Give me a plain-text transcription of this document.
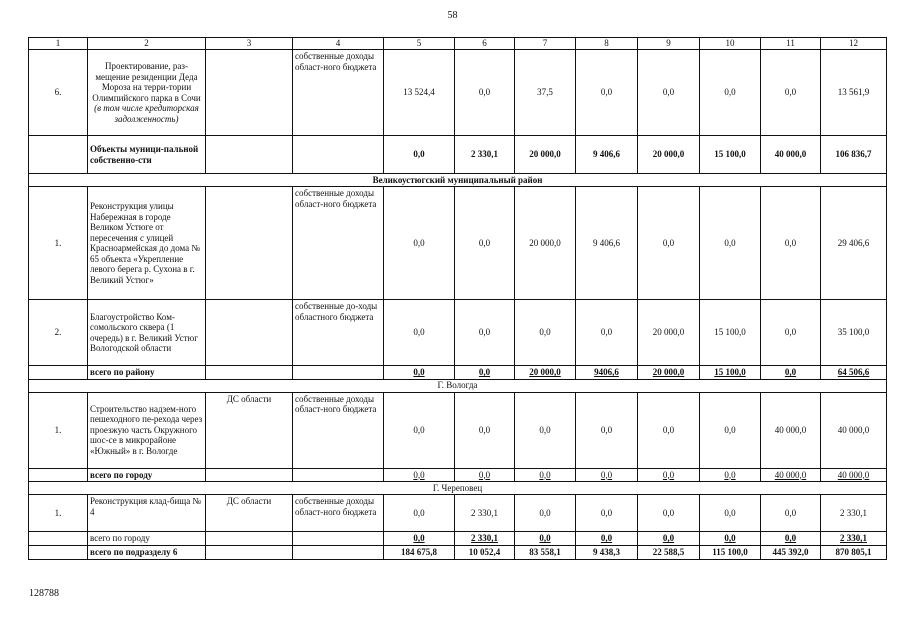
58
1	2	3	4	5	6	7	8	9	10	11	12
6.	Проектирование, раз-мещение резиденции Деда Мороза на терри-тории Олимпийского парка в Сочи (в том числе кредиторская задолженность)		собственные доходы област-ного бюджета	13 524,4	0,0	37,5	0,0	0,0	0,0	0,0	13 561,9
	Объекты муници-пальной собственно-сти			0,0	2 330,1	20 000,0	9 406,6	20 000,0	15 100,0	40 000,0	106 836,7
Великоустюгский муниципальный район											
1.	Реконструкция улицы Набережная в городе Великом Устюге от пересечения с улицей Красноармейская до дома № 65 объекта «Укрепление левого берега р. Сухона в г. Великий Устюг»		собственные доходы област-ного бюджета	0,0	0,0	20 000,0	9 406,6	0,0	0,0	0,0	29 406,6
2.	Благоустройство Ком-сомольского сквера (1 очередь) в г. Великий Устюг Вологодской области		собственные до-ходы областного бюджета	0,0	0,0	0,0	0,0	20 000,0	15 100,0	0,0	35 100,0
	всего по району			0,0	0,0	20 000,0	9406,6	20 000,0	15 100,0	0,0	64 506,6
Г. Вологда											
1.	Строительство надзем-ного пешеходного пе-рехода через проезжую часть Окружного шос-се в микрорайоне «Южный» в г. Вологде	ДС области	собственные доходы област-ного бюджета	0,0	0,0	0,0	0,0	0,0	0,0	40 000,0	40 000,0
	всего по городу			0,0	0,0	0,0	0,0	0,0	0,0	40 000,0	40 000,0
Г. Череповец											
1.	Реконструкция клад-бища № 4	ДС области	собственные доходы област-ного бюджета	0,0	2 330,1	0,0	0,0	0,0	0,0	0,0	2 330,1
	всего по городу			0,0	2 330,1	0,0	0,0	0,0	0,0	0,0	2 330,1
	всего по подразделу 6			184 675,8	10 052,4	83 558,1	9 438,3	22 588,5	115 100,0	445 392,0	870 805,1
128788
